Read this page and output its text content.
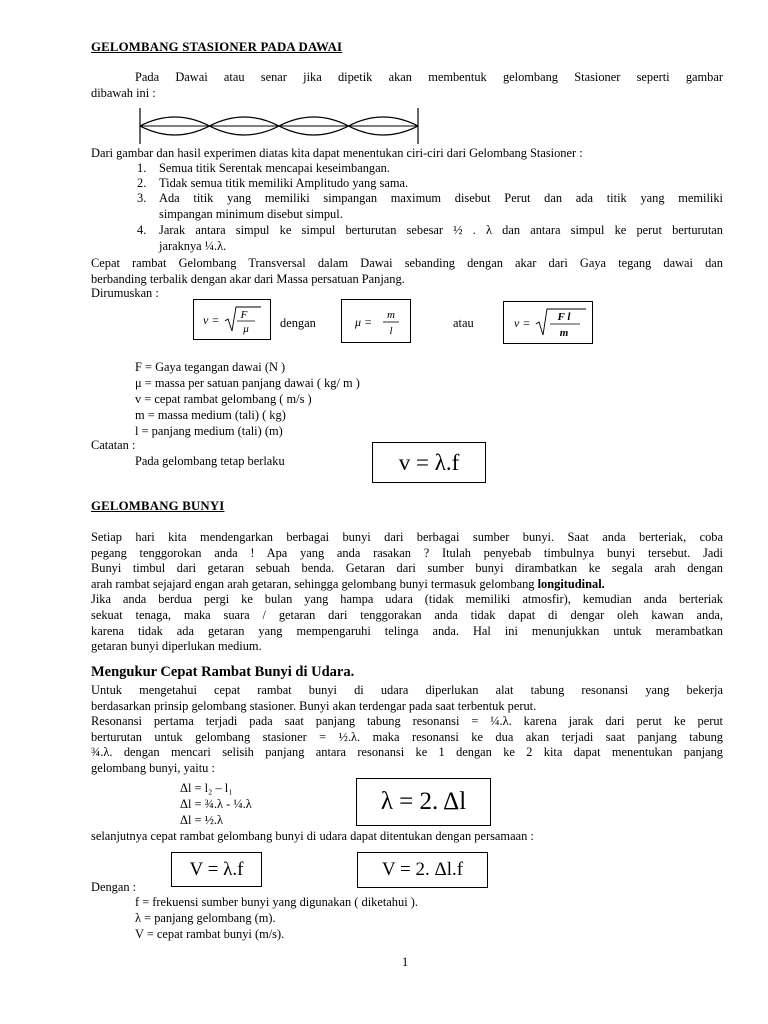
GELOMBANG STASIONER PADA DAWAI
Pada Dawai atau senar jika dipetik akan membentuk gelombang Stasioner seperti gambar
dibawah ini :
Dari gambar dan hasil experimen diatas kita dapat menentukan ciri-ciri dari Gelombang Stasioner :
1. Semua titik Serentak mencapai keseimbangan.
2. Tidak semua titik memiliki Amplitudo yang sama.
3. Ada titik yang memiliki simpangan maximum disebut Perut dan ada titik yang memiliki
simpangan minimum disebut simpul.
4. Jarak antara simpul ke simpul berturutan sebesar ½ . λ dan antara simpul ke perut berturutan
jaraknya ¼.λ.
Cepat rambat Gelombang Transversal dalam Dawai sebanding dengan akar dari Gaya tegang dawai dan
berbanding terbalik dengan akar dari Massa persatuan Panjang.
Dirumuskan :
v = F
μ	dengan	μ = m
l
atau	v = F l
m
F = Gaya tegangan dawai (N )
μ = massa per satuan panjang dawai ( kg/ m )
v = cepat rambat gelombang ( m/s )
m = massa medium (tali) ( kg)
l = panjang medium (tali) (m)
Catatan :
Pada gelombang tetap berlaku	v = λ.f
GELOMBANG BUNYI
Setiap hari kita mendengarkan berbagai bunyi dari berbagai sumber bunyi. Saat anda berteriak, coba
pegang tenggorokan anda ! Apa yang anda rasakan ? Itulah penyebab timbulnya bunyi tersebut. Jadi
Bunyi timbul dari getaran sebuah benda. Getaran dari sumber bunyi dirambatkan ke segala arah dengan
arah rambat sejajard engan arah getaran, sehingga gelombang bunyi termasuk gelombang longitudinal.
Jika anda berdua pergi ke bulan yang hampa udara (tidak memiliki atmosfir), kemudian anda berteriak
sekuat tenaga, maka suara / getaran dari tenggorakan anda tidak dapat di dengar oleh kawan anda,
karena tidak ada getaran yang mempengaruhi telinga anda. Hal ini menunjukkan untuk merambatkan
getaran bunyi diperlukan medium.
Mengukur Cepat Rambat Bunyi di Udara.
Untuk mengetahui cepat rambat bunyi di udara diperlukan alat tabung resonansi yang bekerja
berdasarkan prinsip gelombang stasioner. Bunyi akan terdengar pada saat terbentuk perut.
Resonansi pertama terjadi pada saat panjang tabung resonansi = ¼.λ. karena jarak dari perut ke perut
berturutan untuk gelombang stasioner = ½.λ. maka resonansi ke dua akan terjadi saat panjang tabung
¾.λ. dengan mencari selisih panjang antara resonansi ke 1 dengan ke 2 kita dapat menentukan panjang
gelombang bunyi, yaitu :
Δl = l₂ – l₁
Δl = ¾.λ - ¼.λ
Δl = ½.λ
λ = 2. Δl
selanjutnya cepat rambat gelombang bunyi di udara dapat ditentukan dengan persamaan :
V = λ.f	V = 2. Δl.f
Dengan :
f = frekuensi sumber bunyi yang digunakan ( diketahui ).
λ = panjang gelombang (m).
V = cepat rambat bunyi (m/s).
1
